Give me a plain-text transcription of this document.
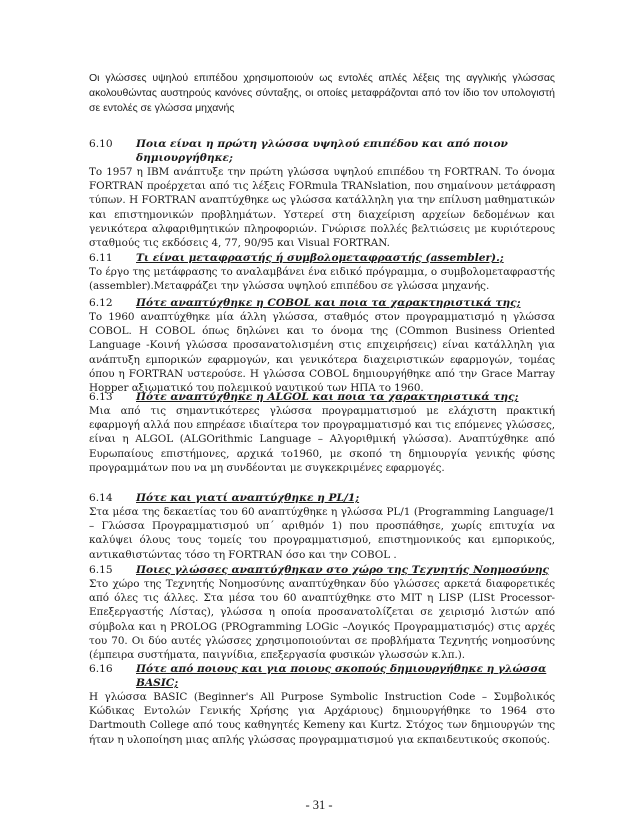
Οι γλώσσες υψηλού επιπέδου χρησιμοποιούν ως εντολές απλές λέξεις της αγγλικής γλώσσας ακολουθώντας αυστηρούς κανόνες σύνταξης, οι οποίες μεταφράζονται από τον ίδιο τον υπολογιστή σε εντολές σε γλώσσα μηχανής

6.10	Ποια είναι η πρώτη γλώσσα υψηλού επιπέδου και από ποιον δημιουργήθηκε;

Το 1957 η IBM ανάπτυξε την πρώτη γλώσσα υψηλού επιπέδου τη FORTRAN. Το όνομα FORTRAN προέρχεται από τις λέξεις FORmula TRANslation, που σημαίνουν μετάφραση τύπων. Η FORTRAN αναπτύχθηκε ως γλώσσα κατάλληλη για την επίλυση μαθηματικών και επιστημονικών προβλημάτων. Υστερεί στη διαχείριση αρχείων δεδομένων και γενικότερα αλφαριθμητικών πληροφοριών. Γνώρισε πολλές βελτιώσεις με κυριότερους σταθμούς τις εκδόσεις 4, 77, 90/95 και Visual FORTRAN.

6.11	Τι είναι μεταφραστής ή συμβολομεταφραστής (assembler).;

Το έργο της μετάφρασης το αναλαμβάνει ένα ειδικό πρόγραμμα, ο συμβολομεταφραστής (assembler).Μεταφράζει την γλώσσα υψηλού επιπέδου σε γλώσσα μηχανής.

6.12	Πότε αναπτύχθηκε η COBOL και ποια τα χαρακτηριστικά της;

Το 1960 αναπτύχθηκε μία άλλη γλώσσα, σταθμός στον προγραμματισμό η γλώσσα COBOL. Η COBOL όπως δηλώνει και το όνομα της (COmmon Business Oriented Language -Κοινή γλώσσα προσανατολισμένη στις επιχειρήσεις) είναι κατάλληλη για ανάπτυξη εμπορικών εφαρμογών, και γενικότερα διαχειριστικών εφαρμογών, τομέας όπου η FORTRAN υστερούσε. Η γλώσσα COBOL δημιουργήθηκε από την Grace Marray Hopper αξιωματικό του πολεμικού ναυτικού των ΗΠΑ το 1960.

6.13	Πότε αναπτύχθηκε η ALGOL και ποια τα χαρακτηριστικά της;

Μια από τις σημαντικότερες γλώσσα προγραμματισμού με ελάχιστη πρακτική εφαρμογή αλλά που επηρέασε ιδιαίτερα τον προγραμματισμό και τις επόμενες γλώσσες, είναι η ALGOL (ALGOrithmic Language – Αλγοριθμική γλώσσα). Αναπτύχθηκε από Ευρωπαίους επιστήμονες, αρχικά το1960, με σκοπό τη δημιουργία γενικής φύσης προγραμμάτων που να μη συνδέονται με συγκεκριμένες εφαρμογές.

6.14	Πότε και γιατί αναπτύχθηκε η PL/1;

Στα μέσα της δεκαετίας του 60 αναπτύχθηκε η γλώσσα PL/1 (Programming Language/1 – Γλώσσα Προγραμματισμού υπ΄ αριθμόν 1) που προσπάθησε, χωρίς επιτυχία να καλύψει όλους τους τομείς του προγραμματισμού, επιστημονικούς και εμπορικούς, αντικαθιστώντας τόσο τη FORTRAN όσο και την COBOL .

6.15	Ποιες γλώσσες αναπτύχθηκαν στο χώρο της Τεχνητής Νοημοσύνης

Στο χώρο της Τεχνητής Νοημοσύνης αναπτύχθηκαν δύο γλώσσες αρκετά διαφορετικές από όλες τις άλλες. Στα μέσα του 60 αναπτύχθηκε στο MIT η LISP (LISt Processor-Επεξεργαστής Λίστας), γλώσσα η οποία προσανατολίζεται σε χειρισμό λιστών από σύμβολα και η PROLOG (PROgramming LOGic –Λογικός Προγραμματισμός) στις αρχές του 70. Οι δύο αυτές γλώσσες χρησιμοποιούνται σε προβλήματα Τεχνητής νοημοσύνης (έμπειρα συστήματα, παιγνίδια, επεξεργασία φυσικών γλωσσών κ.λπ.).

6.16	Πότε από ποιους και για ποιους σκοπούς δημιουργήθηκε η γλώσσα BASIC;

Η γλώσσα BASIC (Beginner's All Purpose Symbolic Instruction Code – Συμβολικός Κώδικας Εντολών Γενικής Χρήσης για Αρχάριους) δημιουργήθηκε το 1964 στο Dartmouth College από τους καθηγητές Kemeny και Kurtz. Στόχος των δημιουργών της ήταν η υλοποίηση μιας απλής γλώσσας προγραμματισμού για εκπαιδευτικούς σκοπούς.

- 31 -
